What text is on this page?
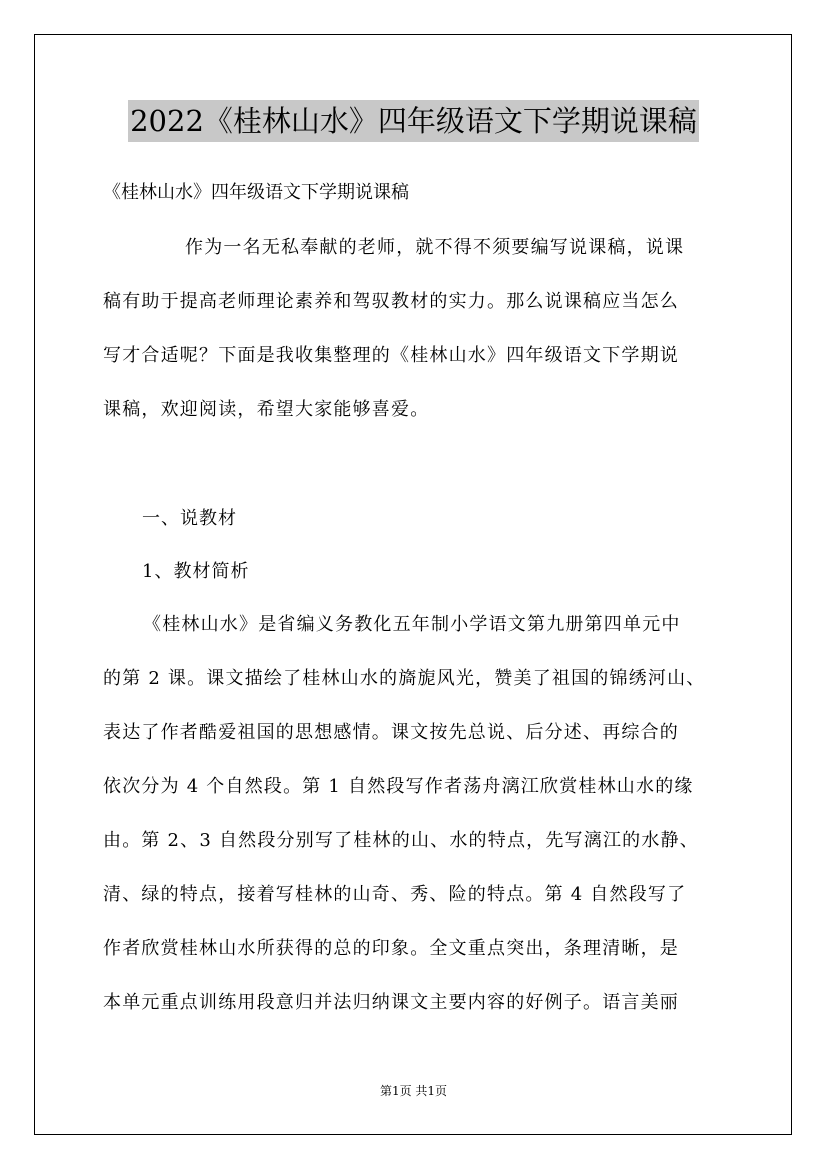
2022《桂林山水》四年级语文下学期说课稿
《桂林山水》四年级语文下学期说课稿
作为一名无私奉献的老师，就不得不须要编写说课稿，说课
稿有助于提高老师理论素养和驾驭教材的实力。那么说课稿应当怎么
写才合适呢？下面是我收集整理的《桂林山水》四年级语文下学期说
课稿，欢迎阅读，希望大家能够喜爱。
一、说教材
1、教材简析
《桂林山水》是省编义务教化五年制小学语文第九册第四单元中
的第 2 课。课文描绘了桂林山水的旖旎风光，赞美了祖国的锦绣河山、
表达了作者酷爱祖国的思想感情。课文按先总说、后分述、再综合的
依次分为 4 个自然段。第 1 自然段写作者荡舟漓江欣赏桂林山水的缘
由。第 2、3 自然段分别写了桂林的山、水的特点，先写漓江的水静、
清、绿的特点，接着写桂林的山奇、秀、险的特点。第 4 自然段写了
作者欣赏桂林山水所获得的总的印象。全文重点突出，条理清晰，是
本单元重点训练用段意归并法归纳课文主要内容的好例子。语言美丽
第1页 共1页
